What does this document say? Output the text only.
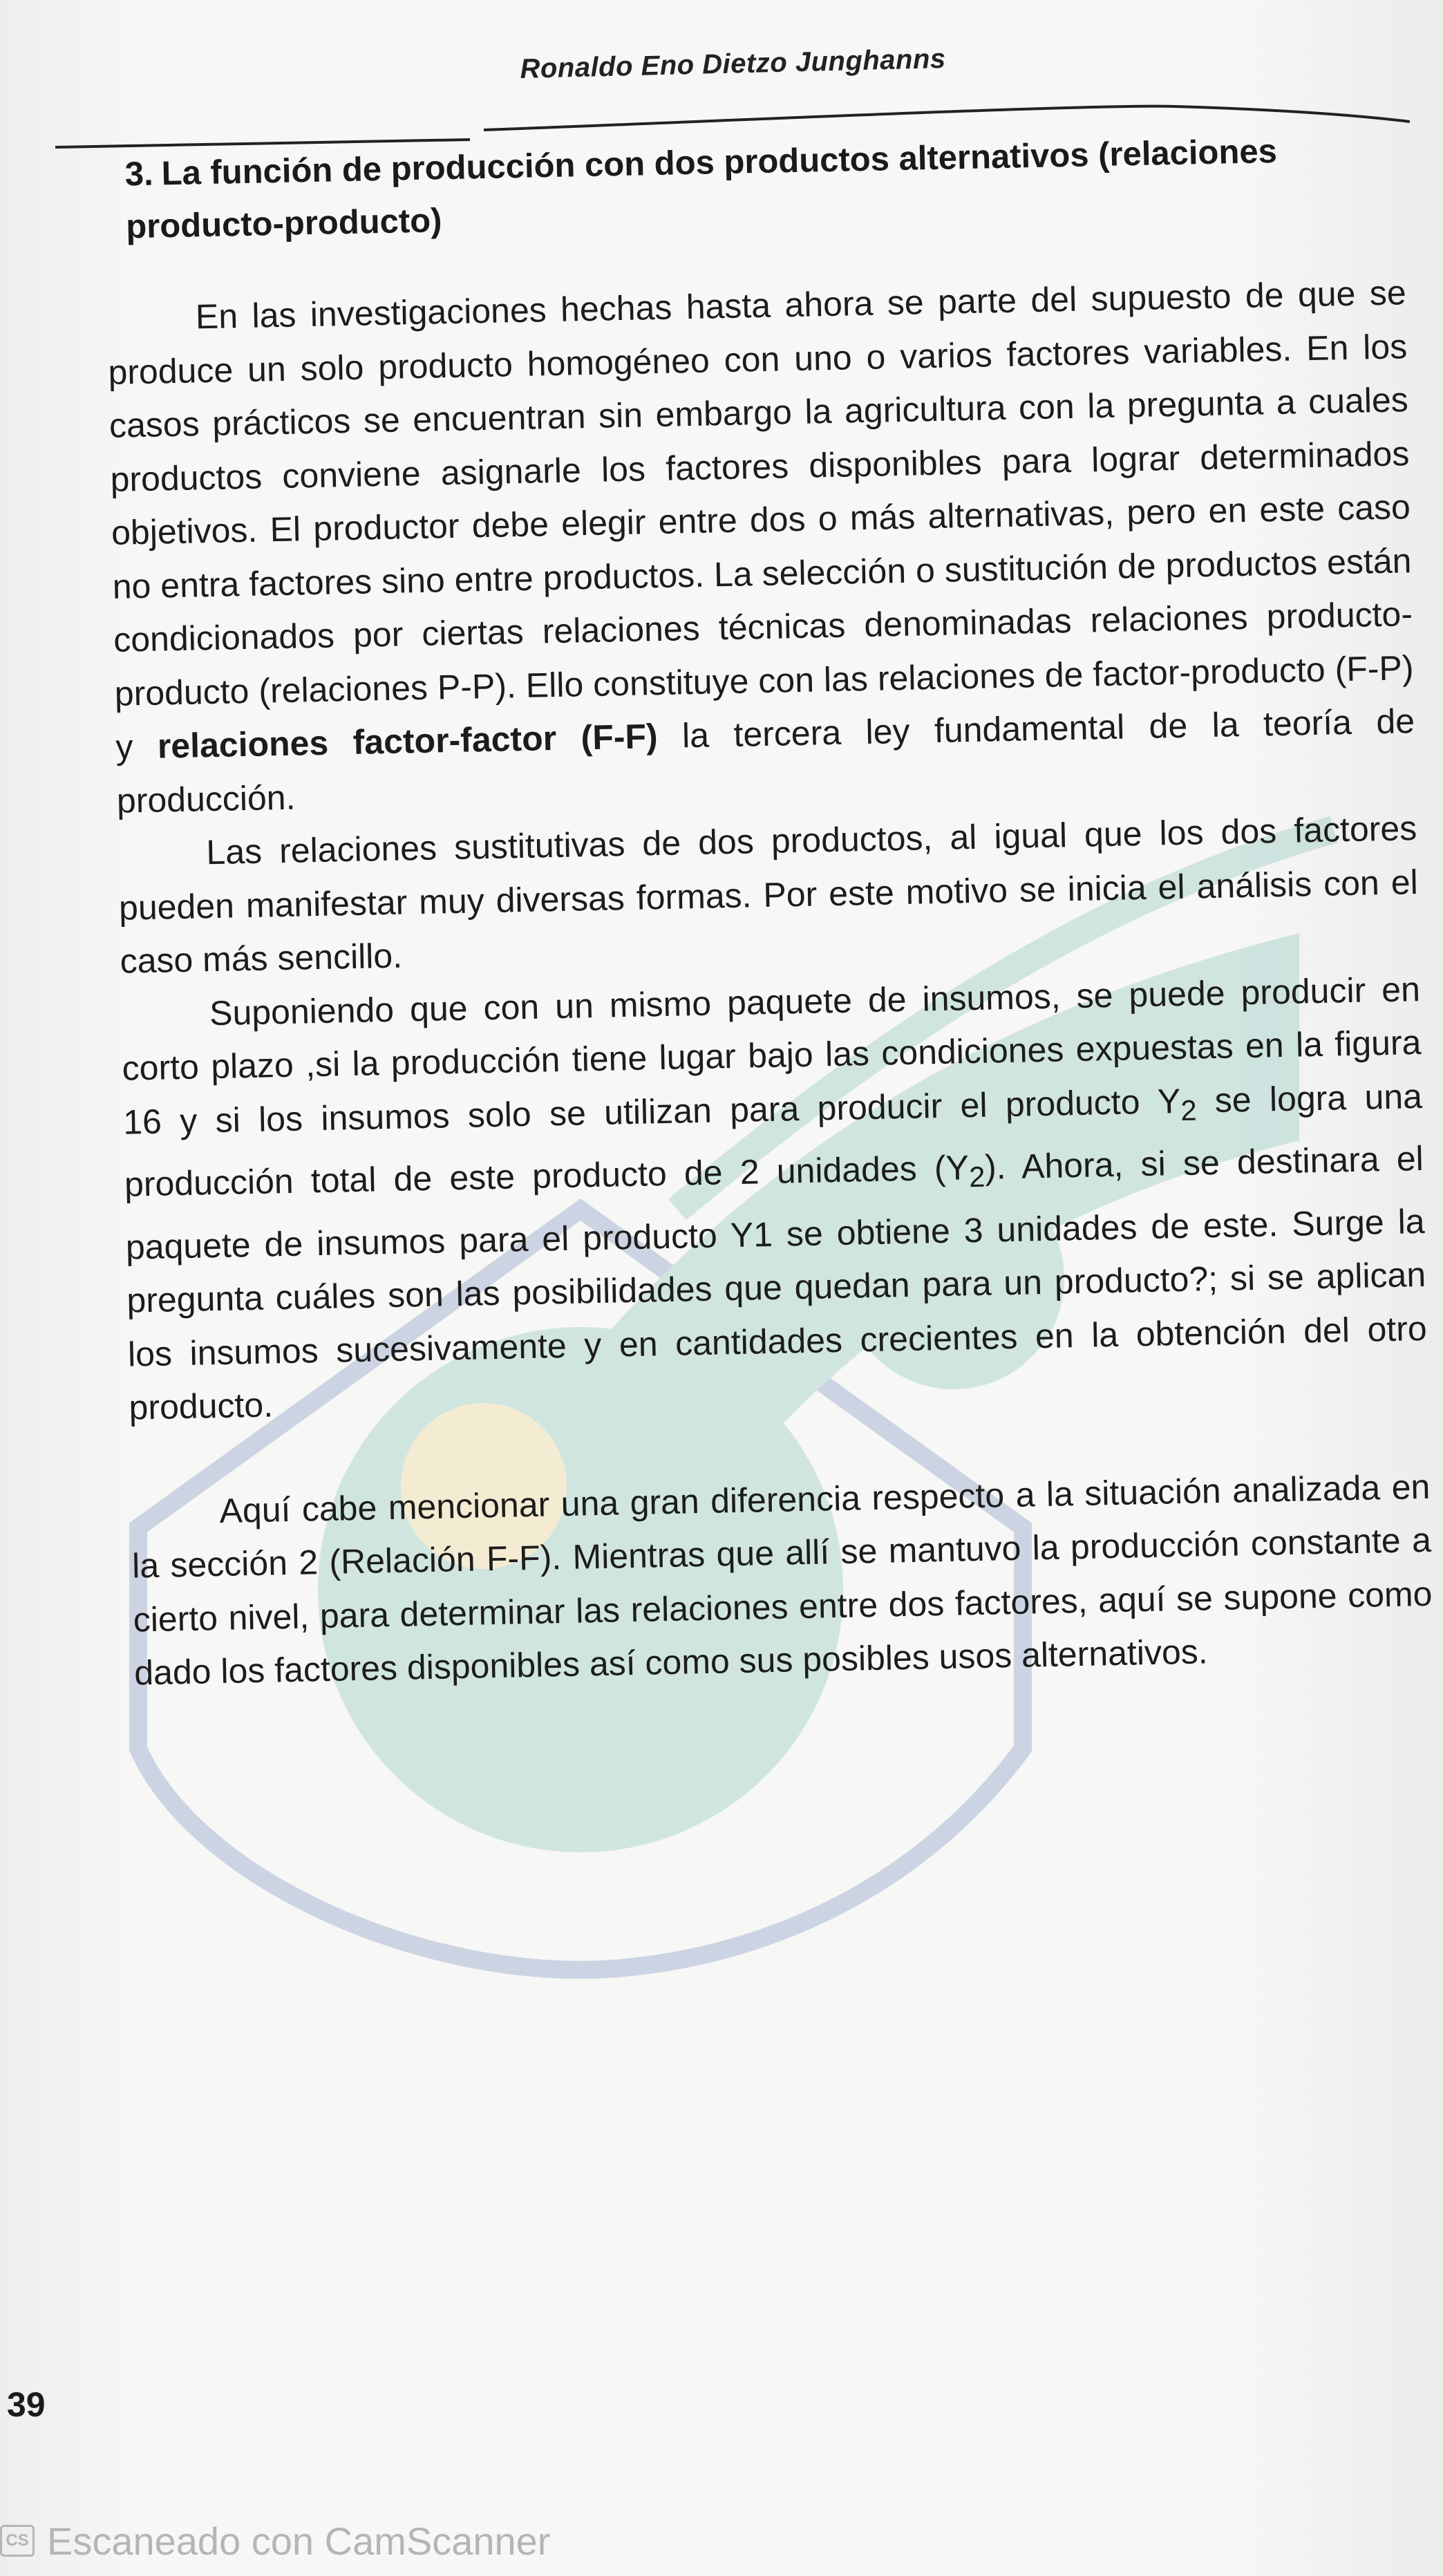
Ronaldo Eno Dietzo Junghanns
3. La función de producción con dos productos alternativos (relaciones producto-producto)

En las investigaciones hechas hasta ahora se parte del supuesto de que se produce un solo producto homogéneo con uno o varios factores variables. En los casos prácticos se encuentran sin embargo la agricultura con la pregunta a cuales productos conviene asignarle los factores disponibles para lograr determinados objetivos. El productor debe elegir entre dos o más alternativas, pero en este caso no entra factores sino entre productos. La selección o sustitución de productos están condicionados por ciertas relaciones técnicas denominadas relaciones producto-producto (relaciones P-P). Ello constituye con las relaciones de factor-producto (F-P) y relaciones factor-factor (F-F) la tercera ley fundamental de la teoría de producción.

Las relaciones sustitutivas de dos productos, al igual que los dos factores pueden manifestar muy diversas formas. Por este motivo se inicia el análisis con el caso más sencillo.

Suponiendo que con un mismo paquete de insumos, se puede producir en corto plazo ,si la producción tiene lugar bajo las condiciones expuestas en la figura 16 y si los insumos solo se utilizan para producir el producto $Y_2$ se logra una producción total de este producto de 2 unidades $(Y_2)$. Ahora, si se destinara el paquete de insumos para el producto Y1 se obtiene 3 unidades de este. Surge la pregunta cuáles son las posibilidades que quedan para un producto?; si se aplican los insumos sucesivamente y en cantidades crecientes en la obtención del otro producto.

Aquí cabe mencionar una gran diferencia respecto a la situación analizada en la sección 2 (Relación F-F). Mientras que allí se mantuvo la producción constante a cierto nivel, para determinar las relaciones entre dos factores, aquí se supone como dado los factores disponibles así como sus posibles usos alternativos.

39
CS Escaneado con CamScanner
